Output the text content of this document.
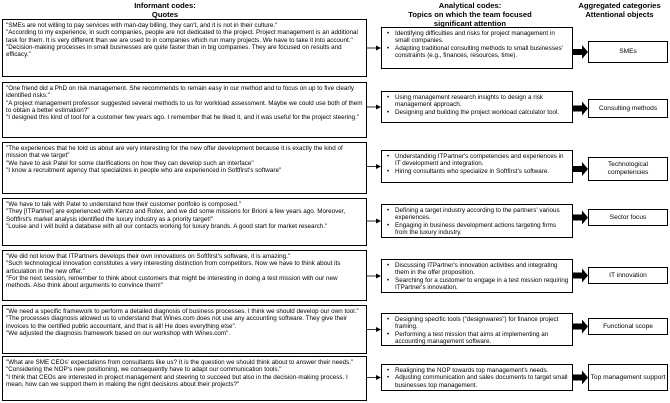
Informant codes:
Quotes
Analytical codes:
Topics on which the team focused significant attention
Aggregated categories
Attentional objects
"SMEs are not willing to pay services with man-day billing, they can't, and it is not in their culture."
"According to my experience, in such companies, people are not dedicated to the project. Project management is an additional task for them. It is very different than we are used to in companies which run many projects. We have to take it into account."
"Decision-making processes in small businesses are quite faster than in big companies. They are focused on results and efficacy."
• Identifying difficulties and risks for project management in small companies.
• Adapting traditional consulting methods to small businesses' constraints (e.g., finances, resources, time).
SMEs
"One friend did a PhD on risk management. She recommends to remain easy in our method and to focus on up to five clearly identified risks."
"A project management professor suggested several methods to us for workload assessment. Maybe we could use both of them to obtain a better estimation?"
"I designed this kind of tool for a customer few years ago. I remember that he liked it, and it was useful for the project steering."
• Using management research insights to design a risk management approach.
• Designing and building the project workload calculator tool.
Consulting methods
"The experiences that he told us about are very interesting for the new offer development because it is exactly the kind of mission that we target"
"We have to ask Patel for some clarifications on how they can develop such an interface"
"I know a recruitment agency that specializes in people who are experienced in Softfirst's software"
• Understanding ITPartner's competencies and experiences in IT development and integration.
• Hiring consultants who specialize in Softfirst's software.
Technological competencies
"We have to talk with Patel to understand how their customer portfolio is composed."
"They [ITPartner] are experienced with Kenzo and Rolex, and we did some missions for Brioni a few years ago. Moreover, Softfirst's market analysis identified the luxury industry as a priority target!"
"Louise and I will build a database with all our contacts working for luxury brands. A good start for market research."
• Defining a target industry according to the partners' various experiences.
• Engaging in business development actions targeting firms from the luxury industry.
Sector focus
"We did not know that ITPartners develops their own innovations on Softfirst's software, it is amazing."
"Such technological innovation constitutes a very interesting distinction from competitors. Now we have to think about its articulation in the new offer."
"For the next session, remember to think about customers that might be interesting in doing a test mission with our new methods. Also think about arguments to convince them!"
• Discussing ITPartner's innovation activities and integrating them in the offer proposition.
• Searching for a customer to engage in a test mission requiring ITPartner's innovation.
IT innovation
"We need a specific framework to perform a detailed diagnosis of business processes. I think we should develop our own tool."
"The processes diagnosis allowed us to understand that Wines.com does not use any accounting software. They give their invoices to the certified public accountant, and that is all! He does everything else".
"We adjusted the diagnosis framework based on our workshop with Wines.com".
• Designing specific tools ("designwares") for finance project framing.
• Performing a test mission that aims at implementing an accounting management software.
Functional scope
"What are SME CEOs' expectations from consultants like us? It is the question we should think about to answer their needs."
"Considering the NOP's new positioning, we consequently have to adapt our communication tools."
"I think that CEOs are interested in project management and steering to succeed but also in the decision-making process. I mean, how can we support them in making the right decisions about their projects?"
• Realigning the NOP towards top management's needs.
• Adjusting communication and sales documents to target small businesses top management.
Top management support
